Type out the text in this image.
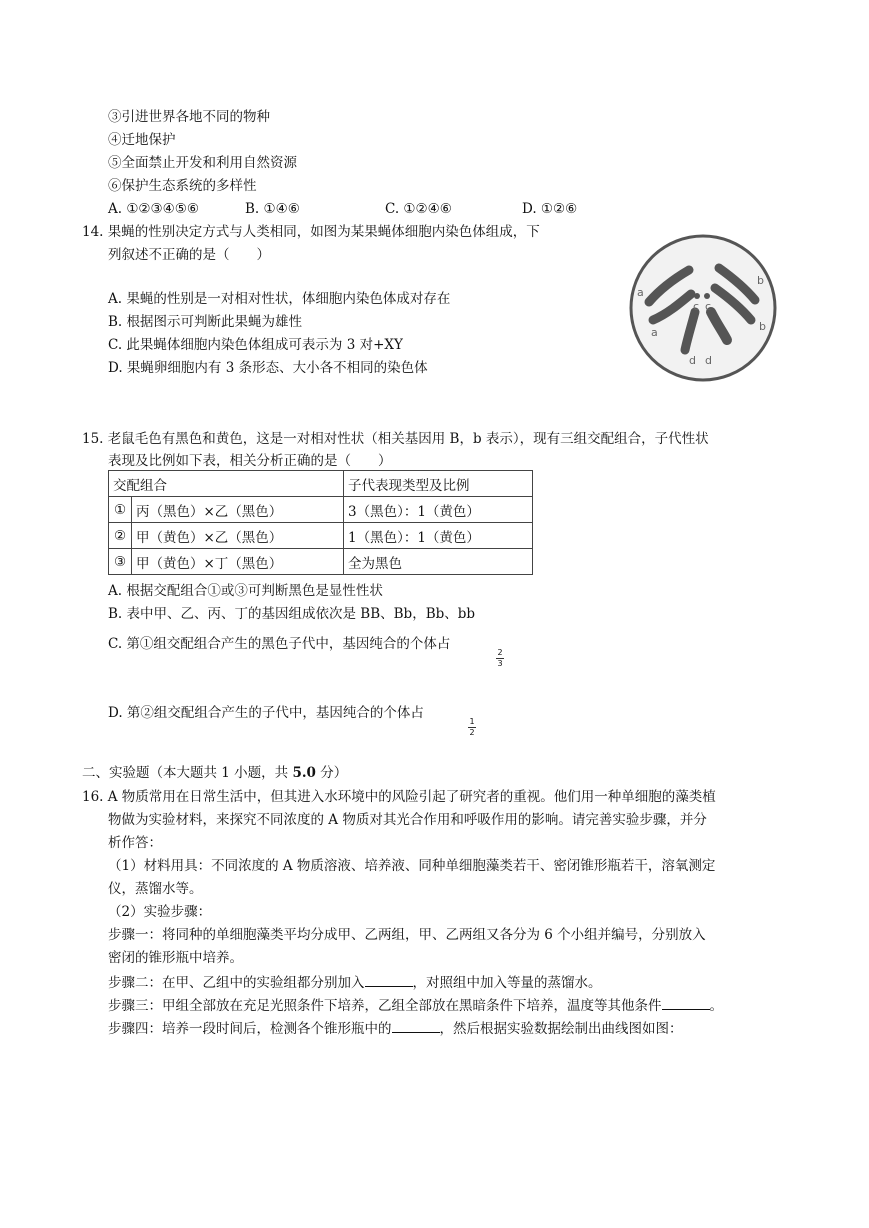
③引进世界各地不同的物种
④迁地保护
⑤全面禁止开发和利用自然资源
⑥保护生态系统的多样性
A. ①②③④⑤⑥	B. ①④⑥	C. ①②④⑥	D. ①②⑥
14. 果蝇的性别决定方式与人类相同，如图为某果蝇体细胞内染色体组成，下
列叙述不正确的是（　　）
A. 果蝇的性别是一对相对性状，体细胞内染色体成对存在
B. 根据图示可判断此果蝇为雄性
C. 此果蝇体细胞内染色体组成可表示为 3 对+XY
D. 果蝇卵细胞内有 3 条形态、大小各不相同的染色体
a
a
b
b
c c
d d
15. 老鼠毛色有黑色和黄色，这是一对相对性状（相关基因用 B，b 表示），现有三组交配组合，子代性状
表现及比例如下表，相关分析正确的是（　　）
交配组合		子代表现类型及比例
①	丙（黑色）×乙（黑色）	3（黑色）：1（黄色）
②	甲（黄色）×乙（黑色）	1（黑色）：1（黄色）
③	甲（黄色）×丁（黑色）	全为黑色
A. 根据交配组合①或③可判断黑色是显性性状
B. 表中甲、乙、丙、丁的基因组成依次是 BB、Bb，Bb、bb
C. 第①组交配组合产生的黑色子代中，基因纯合的个体占
2
3
D. 第②组交配组合产生的子代中，基因纯合的个体占
1
2
二、实验题（本大题共 1 小题，共 5.0 分）
16. A 物质常用在日常生活中，但其进入水环境中的风险引起了研究者的重视。他们用一种单细胞的藻类植
物做为实验材料，来探究不同浓度的 A 物质对其光合作用和呼吸作用的影响。请完善实验步骤，并分
析作答：
（1）材料用具：不同浓度的 A 物质溶液、培养液、同种单细胞藻类若干、密闭锥形瓶若干，溶氧测定
仪，蒸馏水等。
（2）实验步骤：
步骤一：将同种的单细胞藻类平均分成甲、乙两组，甲、乙两组又各分为 6 个小组并编号，分别放入
密闭的锥形瓶中培养。
步骤二：在甲、乙组中的实验组都分别加入	，对照组中加入等量的蒸馏水。
步骤三：甲组全部放在充足光照条件下培养，乙组全部放在黑暗条件下培养，温度等其他条件	。
步骤四：培养一段时间后，检测各个锥形瓶中的	，然后根据实验数据绘制出曲线图如图：
